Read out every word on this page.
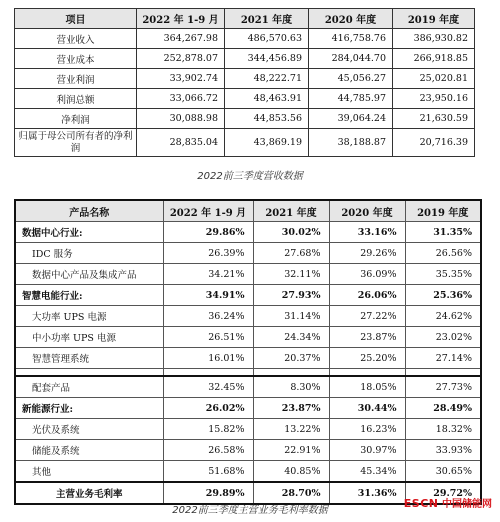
项目	2022 年 1-9 月	2021 年度	2020 年度	2019 年度
营业收入	364,267.98	486,570.63	416,758.76	386,930.82
营业成本	252,878.07	344,456.89	284,044.70	266,918.85
营业利润	33,902.74	48,222.71	45,056.27	25,020.81
利润总额	33,066.72	48,463.91	44,785.97	23,950.16
净利润	30,088.98	44,853.56	39,064.24	21,630.59
归属于母公司所有者的净利润	28,835.04	43,869.19	38,188.87	20,716.39
2022前三季度营收数据
产品名称	2022 年 1-9 月	2021 年度	2020 年度	2019 年度
数据中心行业:	29.86%	30.02%	33.16%	31.35%
IDC 服务	26.39%	27.68%	29.26%	26.56%
数据中心产品及集成产品	34.21%	32.11%	36.09%	35.35%
智慧电能行业:	34.91%	27.93%	26.06%	25.36%
大功率 UPS 电源	36.24%	31.14%	27.22%	24.62%
中小功率 UPS 电源	26.51%	24.34%	23.87%	23.02%
智慧管理系统	16.01%	20.37%	25.20%	27.14%

配套产品	32.45%	8.30%	18.05%	27.73%
新能源行业:	26.02%	23.87%	30.44%	28.49%
光伏及系统	15.82%	13.22%	16.23%	18.32%
储能及系统	26.58%	22.91%	30.97%	33.93%
其他	51.68%	40.85%	45.34%	30.65%
主营业务毛利率	29.89%	28.70%	31.36%	29.72%
2022前三季度主营业务毛利率数据
ESCN 中国储能网
